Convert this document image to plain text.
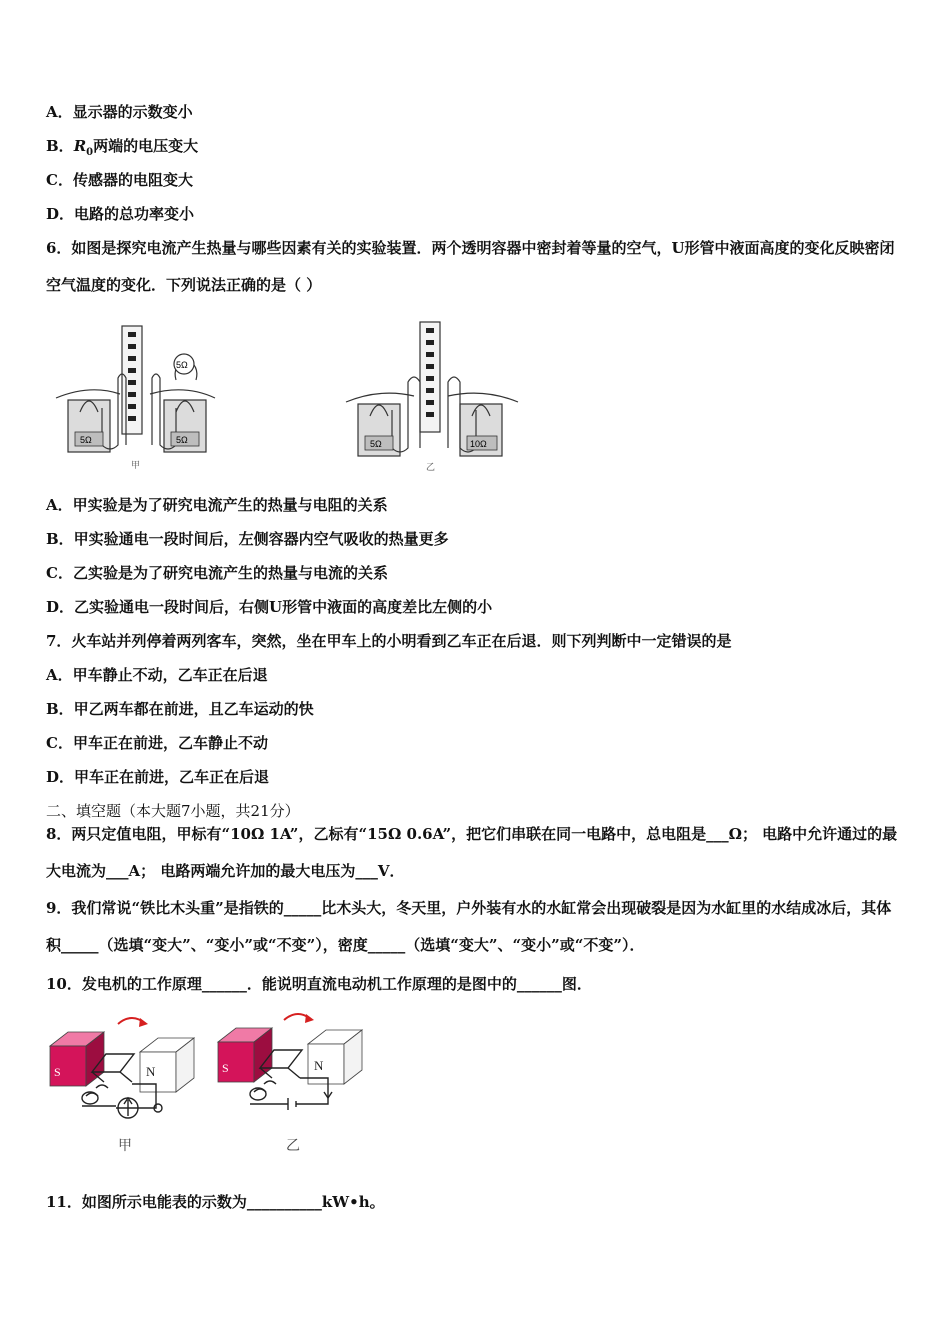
A．显示器的示数变小
B．$R_0$两端的电压变大
C．传感器的电阻变大
D．电路的总功率变小
6．如图是探究电流产生热量与哪些因素有关的实验装置．两个透明容器中密封着等量的空气，U形管中液面高度的变化反映密闭空气温度的变化．下列说法正确的是（ ）
5Ω
5Ω	5Ω
甲
5Ω	10Ω
乙
A．甲实验是为了研究电流产生的热量与电阻的关系
B．甲实验通电一段时间后，左侧容器内空气吸收的热量更多
C．乙实验是为了研究电流产生的热量与电流的关系
D．乙实验通电一段时间后，右侧U形管中液面的高度差比左侧的小
7．火车站并列停着两列客车，突然，坐在甲车上的小明看到乙车正在后退．则下列判断中一定错误的是
A．甲车静止不动，乙车正在后退
B．甲乙两车都在前进，且乙车运动的快
C．甲车正在前进，乙车静止不动
D．甲车正在前进，乙车正在后退
二、填空题（本大题7小题，共21分）
8．两只定值电阻，甲标有“10Ω 1A”，乙标有“15Ω 0.6A”，把它们串联在同一电路中，总电阻是___Ω； 电路中允许通过的最大电流为___A； 电路两端允许加的最大电压为___V．
9．我们常说“铁比木头重”是指铁的_____比木头大，冬天里，户外装有水的水缸常会出现破裂是因为水缸里的水结成冰后，其体积_____（选填“变大”、“变小”或“不变”），密度_____（选填“变大”、“变小”或“不变”）．
10．发电机的工作原理______．能说明直流电动机工作原理的是图中的______图．
S	N
甲
S	N
乙
11．如图所示电能表的示数为__________kW•h。
